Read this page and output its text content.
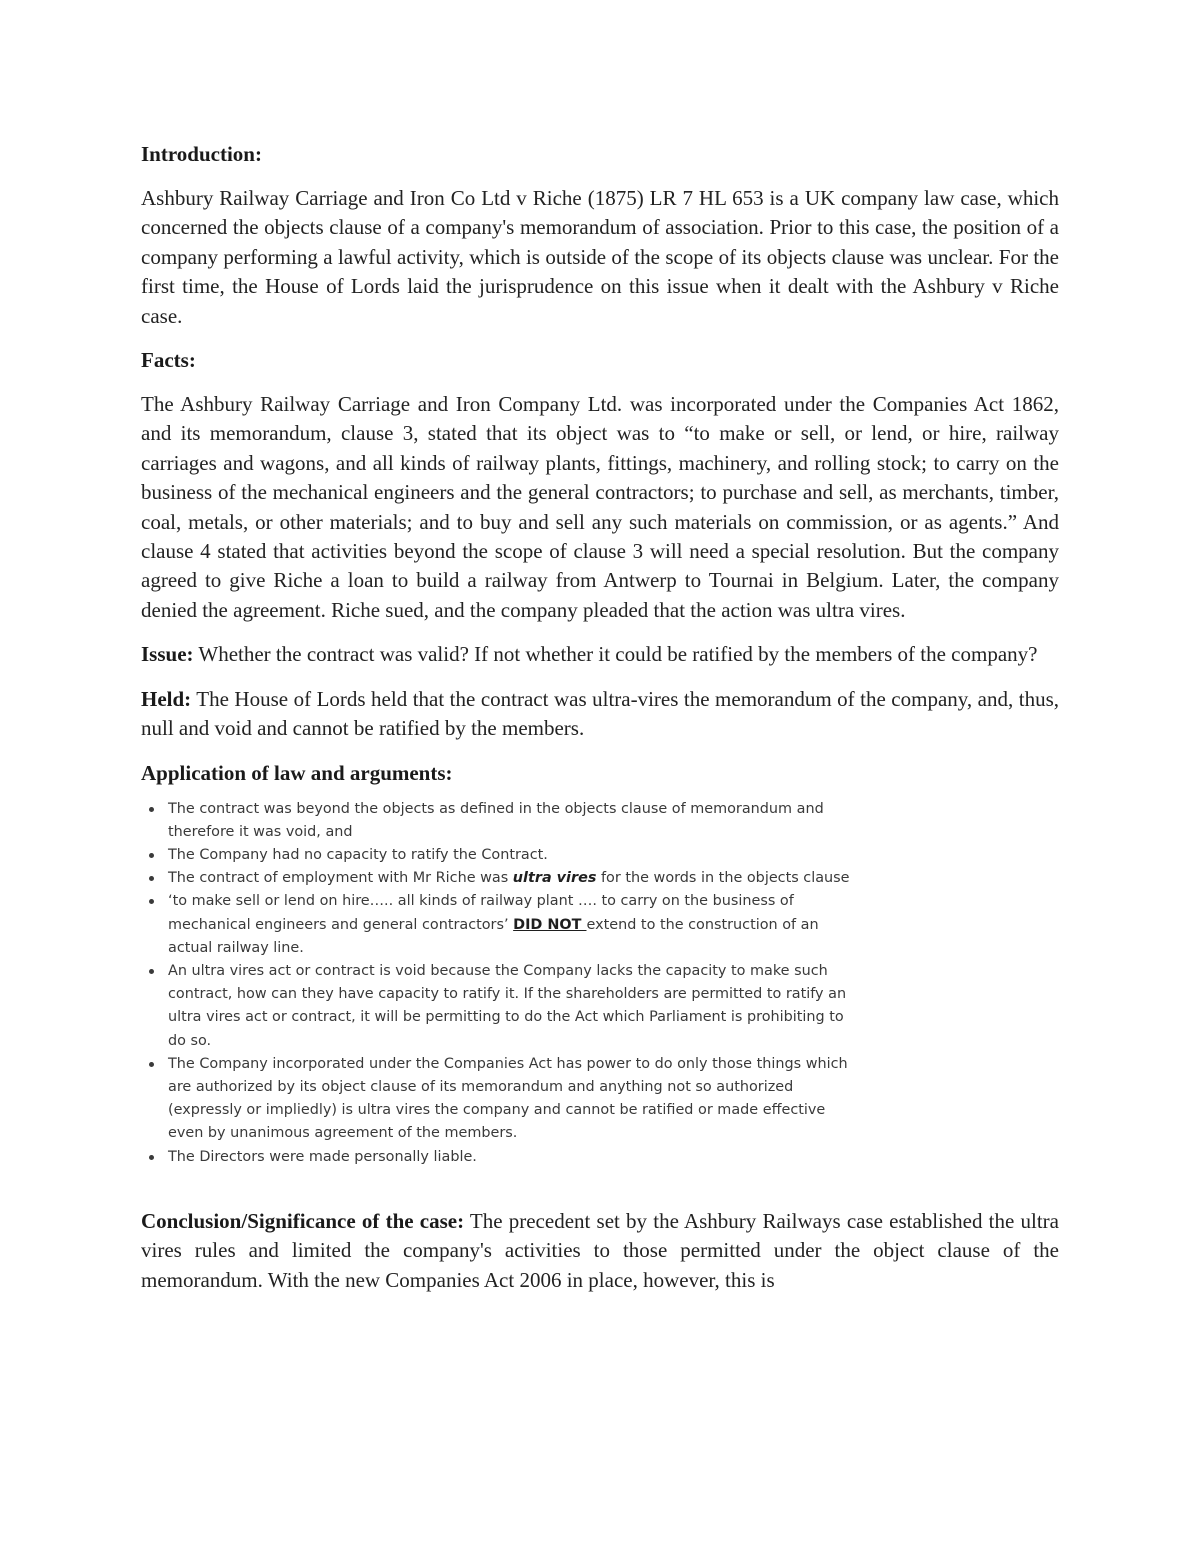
Introduction:

Ashbury Railway Carriage and Iron Co Ltd v Riche (1875) LR 7 HL 653 is a UK company law case, which concerned the objects clause of a company's memorandum of association. Prior to this case, the position of a company performing a lawful activity, which is outside of the scope of its objects clause was unclear. For the first time, the House of Lords laid the jurisprudence on this issue when it dealt with the Ashbury v Riche case.

Facts:

The Ashbury Railway Carriage and Iron Company Ltd. was incorporated under the Companies Act 1862, and its memorandum, clause 3, stated that its object was to “to make or sell, or lend, or hire, railway carriages and wagons, and all kinds of railway plants, fittings, machinery, and rolling stock; to carry on the business of the mechanical engineers and the general contractors; to purchase and sell, as merchants, timber, coal, metals, or other materials; and to buy and sell any such materials on commission, or as agents.” And clause 4 stated that activities beyond the scope of clause 3 will need a special resolution. But the company agreed to give Riche a loan to build a railway from Antwerp to Tournai in Belgium. Later, the company denied the agreement. Riche sued, and the company pleaded that the action was ultra vires.

Issue: Whether the contract was valid? If not whether it could be ratified by the members of the company?

Held: The House of Lords held that the contract was ultra-vires the memorandum of the company, and, thus, null and void and cannot be ratified by the members.

Application of law and arguments:
The contract was beyond the objects as defined in the objects clause of memorandum and therefore it was void, and
The Company had no capacity to ratify the Contract.
The contract of employment with Mr Riche was ultra vires for the words in the objects clause
‘to make sell or lend on hire….. all kinds of railway plant …. to carry on the business of mechanical engineers and general contractors’ DID NOT extend to the construction of an actual railway line.
An ultra vires act or contract is void because the Company lacks the capacity to make such contract, how can they have capacity to ratify it. If the shareholders are permitted to ratify an ultra vires act or contract, it will be permitting to do the Act which Parliament is prohibiting to do so.
The Company incorporated under the Companies Act has power to do only those things which are authorized by its object clause of its memorandum and anything not so authorized (expressly or impliedly) is ultra vires the company and cannot be ratified or made effective even by unanimous agreement of the members.
The Directors were made personally liable.

Conclusion/Significance of the case: The precedent set by the Ashbury Railways case established the ultra vires rules and limited the company's activities to those permitted under the object clause of the memorandum. With the new Companies Act 2006 in place, however, this is
